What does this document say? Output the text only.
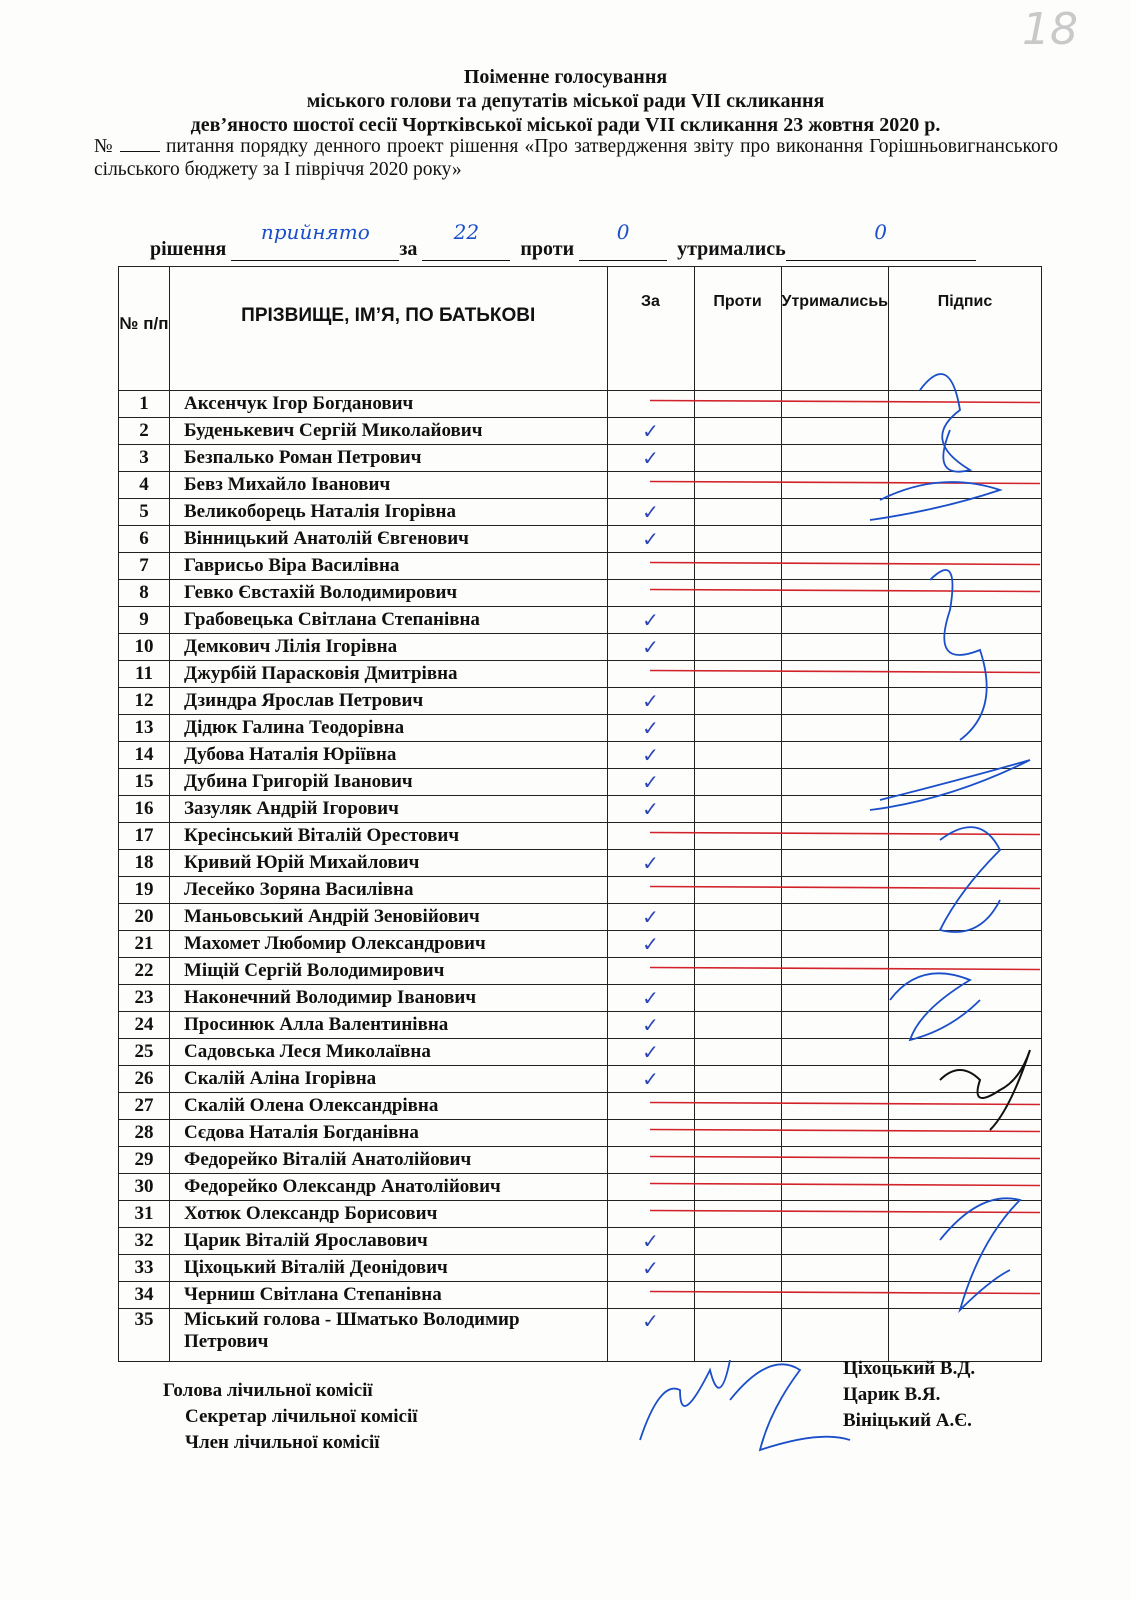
18
Поіменне голосування
міського голови та депутатів міської ради VII скликання
дев’яносто шостої сесії Чортківської міської ради VII скликання 23 жовтня 2020 р.
№	питання порядку денного проект рішення «Про затвердження звіту про виконання Горішньовигнанського сільського бюджету за І півріччя 2020 року»
рішення
прийнято
за
22
проти
0
утримались
0
№ п/п	ПРІЗВИЩЕ, ІМ’Я, ПО БАТЬКОВІ	За	Проти	Утрималисьь	Підпис
1	Аксенчук Ігор Богданович				
2	Буденькевич Сергій Миколайович	✓			
3	Безпалько Роман Петрович	✓			
4	Бевз Михайло Іванович				
5	Великоборець Наталія Ігорівна	✓			
6	Вінницький Анатолій Євгенович	✓			
7	Гаврисьо Віра Василівна				
8	Гевко Євстахій Володимирович				
9	Грабовецька Світлана Степанівна	✓			
10	Демкович Лілія Ігорівна	✓			
11	Джурбій Парасковія Дмитрівна				
12	Дзиндра Ярослав Петрович	✓			
13	Дідюк Галина Теодорівна	✓			
14	Дубова Наталія Юріївна	✓			
15	Дубина Григорій Іванович	✓			
16	Зазуляк Андрій Ігорович	✓			
17	Кресінський Віталій Орестович				
18	Кривий Юрій Михайлович	✓			
19	Лесейко Зоряна Василівна				
20	Маньовський Андрій Зеновійович	✓			
21	Махомет Любомир Олександрович	✓			
22	Міщій Сергій Володимирович				
23	Наконечний Володимир Іванович	✓			
24	Просинюк Алла Валентинівна	✓			
25	Садовська Леся Миколаївна	✓			
26	Скалій Аліна Ігорівна	✓			
27	Скалій Олена Олександрівна				
28	Сєдова Наталія Богданівна				
29	Федорейко Віталій Анатолійович				
30	Федорейко Олександр Анатолійович				
31	Хотюк Олександр Борисович				
32	Царик Віталій Ярославович	✓			
33	Ціхоцький Віталій Деонідович	✓			
34	Черниш Світлана Степанівна				
35	Міський голова - Шматько Володимир Петрович	✓			
Голова лічильної комісії
Секретар лічильної комісії
Член лічильної комісії
Ціхоцький В.Д.
Царик В.Я.
Вініцький А.Є.
